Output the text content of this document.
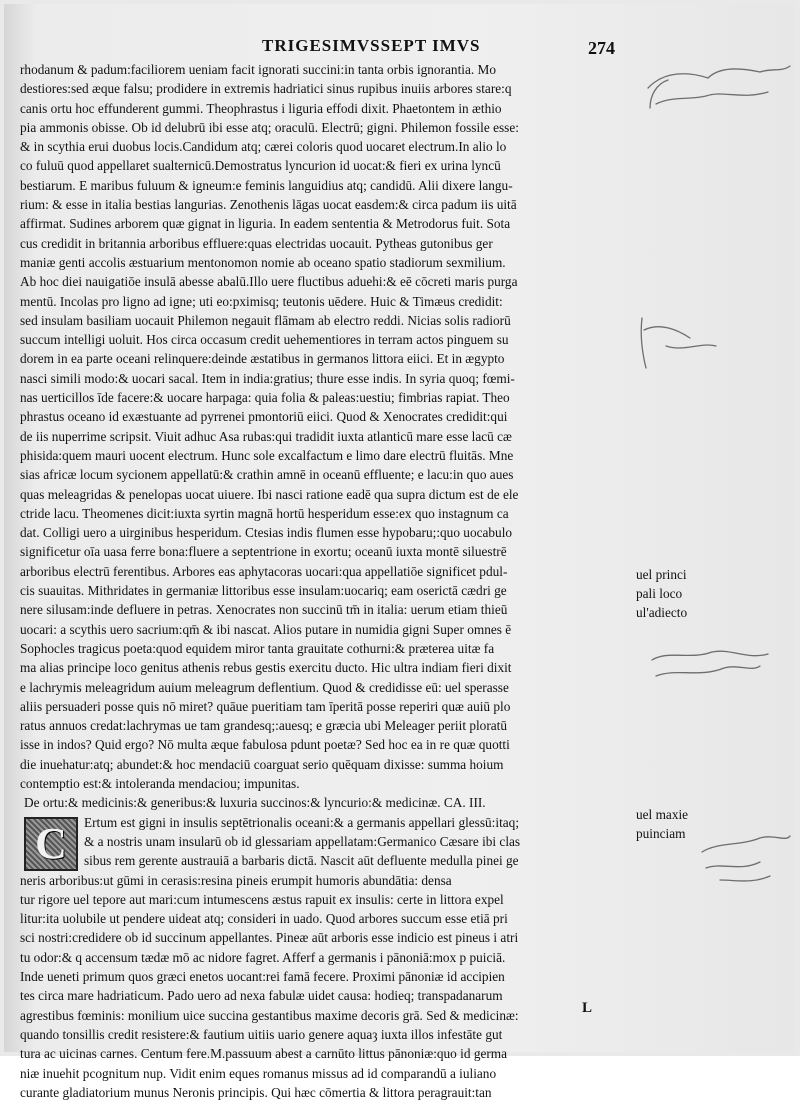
TRIGESIMVSSEPT IMVS	274
rhodanum & padum:faciliorem ueniam facit ignorati succini:in tanta orbis ignorantia. Mo
destiores:sed æque falsu; prodidere in extremis hadriatici sinus rupibus inuiis arbores stare:q
canis ortu hoc effunderent gummi. Theophrastus i liguria effodi dixit. Phaetontem in æthio
pia ammonis obisse. Ob id delubrū ibi esse atq; oraculū. Electrū; gigni. Philemon fossile esse:
& in scythia erui duobus locis.Candidum atq; cærei coloris quod uocaret electrum.In alio lo
co fuluū quod appellaret sualternicū.Demostratus lyncurion id uocat:& fieri ex urina lyncū
bestiarum. E maribus fuluum & igneum:e feminis languidius atq; candidū. Alii dixere langu-
rium: & esse in italia bestias langurias. Zenothenis lāgas uocat easdem:& circa padum iis uitā
affirmat. Sudines arborem quæ gignat in liguria. In eadem sententia & Metrodorus fuit. Sota
cus credidit in britannia arboribus effluere:quas electridas uocauit. Pytheas gutonibus ger
maniæ genti accolis æstuarium mentonomon nomie ab oceano spatio stadiorum sexmilium.
Ab hoc diei nauigatiōe insulā abesse abalū.Illo uere fluctibus aduehi:& eē cōcreti maris purga
mentū. Incolas pro ligno ad igne; uti eo:pximisq; teutonis uēdere. Huic & Timæus credidit:
sed insulam basiliam uocauit Philemon negauit flāmam ab electro reddi. Nicias solis radiorū
succum intelligi uoluit. Hos circa occasum credit uehementiores in terram actos pinguem su
dorem in ea parte oceani relinquere:deinde æstatibus in germanos littora eiici. Et in ægypto
nasci simili modo:& uocari sacal. Item in india:gratius; thure esse indis. In syria quoq; fœmi-
nas uerticillos īde facere:& uocare harpaga: quia folia & paleas:uestiu; fimbrias rapiat. Theo
phrastus oceano id exæstuante ad pyrrenei pmontoriū eiici. Quod & Xenocrates credidit:qui
de iis nuperrime scripsit. Viuit adhuc Asa rubas:qui tradidit iuxta atlanticū mare esse lacū cæ
phisida:quem mauri uocent electrum. Hunc sole excalfactum e limo dare electrū fluitās. Mne
sias africæ locum sycionem appellatū:& crathin amnē in oceanū effluente; e lacu:in quo aues
quas meleagridas & penelopas uocat uiuere. Ibi nasci ratione eadē qua supra dictum est de ele
ctride lacu. Theomenes dicit:iuxta syrtin magnā hortū hesperidum esse:ex quo instagnum ca
dat. Colligi uero a uirginibus hesperidum. Ctesias indis flumen esse hypobaru;:quo uocabulo
significetur oīa uasa ferre bona:fluere a septentrione in exortu; oceanū iuxta montē siluestrē
arboribus electrū ferentibus. Arbores eas aphytacoras uocari:qua appellatiōe significet pdul-
cis suauitas. Mithridates in germaniæ littoribus esse insulam:uocariq; eam oserictā cædri ge
nere silusam:inde defluere in petras. Xenocrates non succinū tm̄ in italia: uerum etiam thieū
uocari: a scythis uero sacrium:qm̄ & ibi nascat. Alios putare in numidia gigni Super omnes ē
Sophocles tragicus poeta:quod equidem miror tanta grauitate cothurni:& præterea uitæ fa
ma alias principe loco genitus athenis rebus gestis exercitu ducto. Hic ultra indiam fieri dixit
e lachrymis meleagridum auium meleagrum deflentium. Quod & credidisse eū: uel sperasse
aliis persuaderi posse quis nō miret? quāue pueritiam tam īperitā posse reperiri quæ auiū plo
ratus annuos credat:lachrymas ue tam grandesq;:auesq; e græcia ubi Meleager periit ploratū
isse in indos? Quid ergo? Nō multa æque fabulosa pdunt poetæ? Sed hoc ea in re quæ quotti
die inuehatur:atq; abundet:& hoc mendaciū coarguat serio quēquam dixisse: summa hoium
contemptio est:& intoleranda mendaciou; impunitas.
De ortu:& medicinis:& generibus:& luxuria succinos:& lyncurio:& medicinæ. CA. III.
C	Ertum est gigni in insulis septētrionalis oceani:& a germanis appellari glessū:itaq;
& a nostris unam insularū ob id glessariam appellatam:Germanico Cæsare ibi clas
sibus rem gerente austrauiā a barbaris dictā. Nascit aūt defluente medulla pinei ge
neris arboribus:ut gūmi in cerasis:resina pineis erumpit humoris abundātia: densa
tur rigore uel tepore aut mari:cum intumescens æstus rapuit ex insulis: certe in littora expel
litur:ita uolubile ut pendere uideat atq; consideri in uado. Quod arbores succum esse etiā pri
sci nostri:credidere ob id succinum appellantes. Pineæ aūt arboris esse indicio est pineus i atri
tu odor:& q accensum tædæ mō ac nidore fagret. Afferf a germanis i pānoniā:mox p puiciā.
Inde ueneti primum quos græci enetos uocant:rei famā fecere. Proximi pānoniæ id accipien
tes circa mare hadriaticum. Pado uero ad nexa fabulæ uidet causa: hodieq; transpadanarum
agrestibus fœminis: monilium uice succina gestantibus maxime decoris grā. Sed & medicinæ:
quando tonsillis credit resistere:& fautium uitiis uario genere aquaȝ iuxta illos infestāte gut
tura ac uicinas carnes. Centum fere.M.passuum abest a carnūto littus pānoniæ:quo id germa
niæ inuehit pcognitum nup. Vidit enim eques romanus missus ad id comparandū a iuliano
curante gladiatorium munus Neronis principis. Qui hæc cōmertia & littora peragrauit:tan
L
uel princi
pali loco
ul'adiecto
uel maxie
puinciam
